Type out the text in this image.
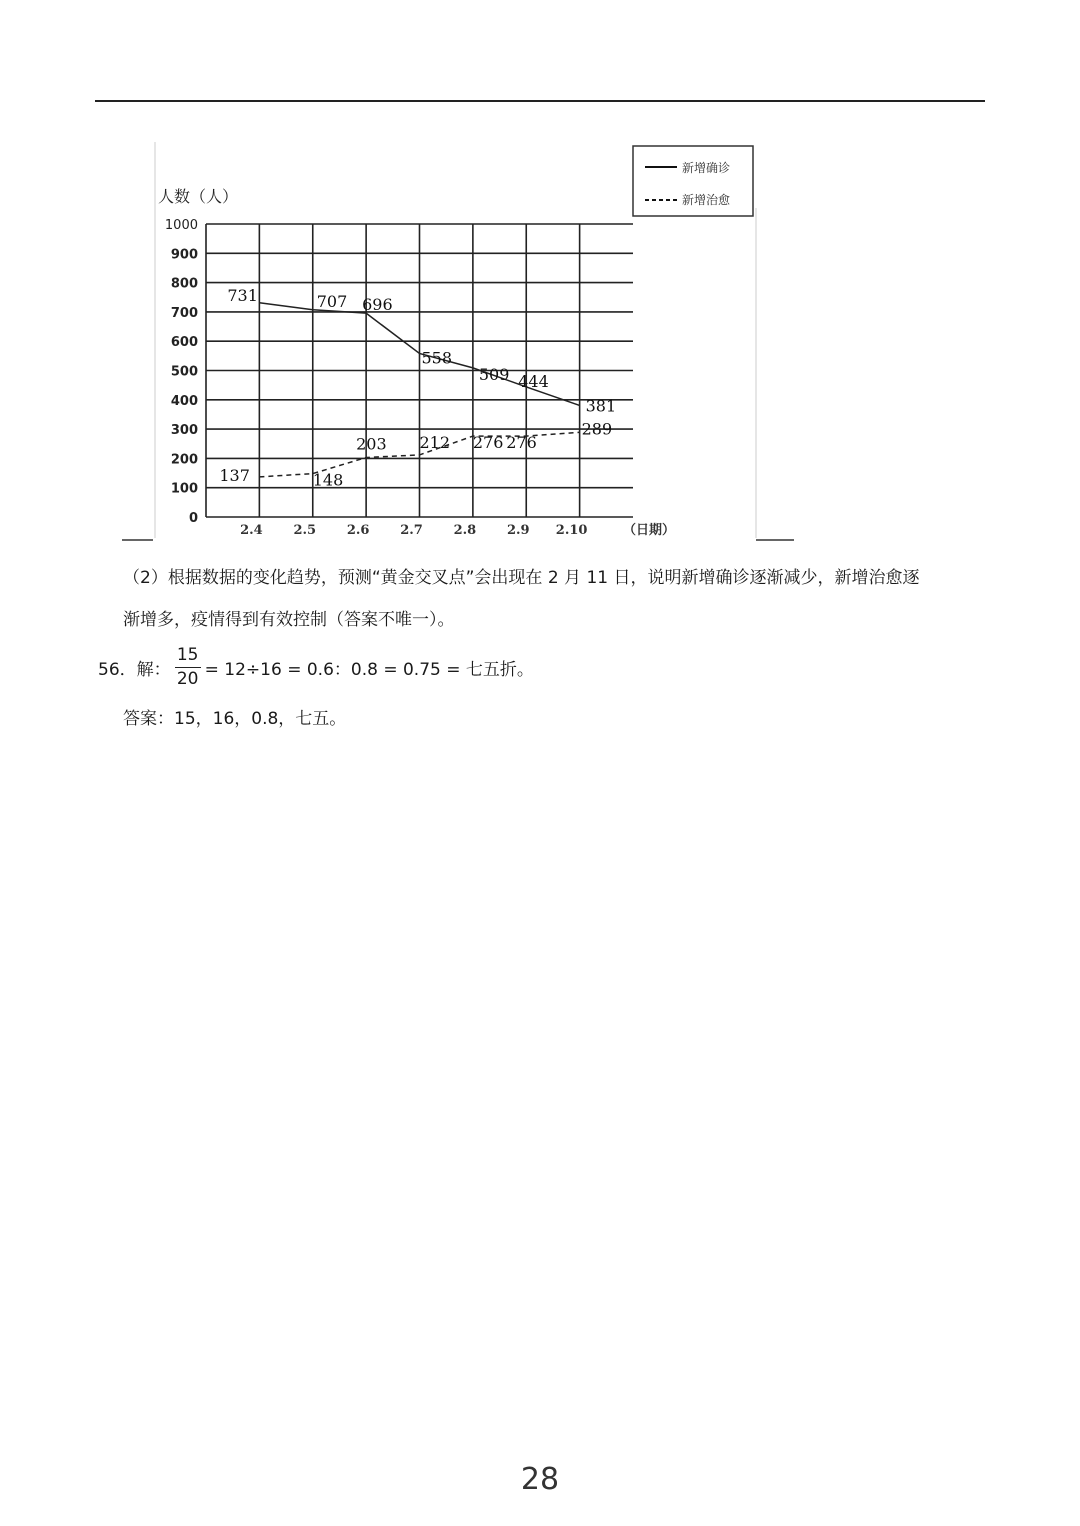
0
100
200
300
400
500
600
700
800
900
1000
人数（人）
2.4 2.5 2.6 2.7 2.8 2.9 2.10	（日期）
731	707 696
558
509 444
381
137	148
203 212 276 276
289
新增确诊
新增治愈
（2）根据数据的变化趋势，预测“黄金交叉点”会出现在 2 月 11 日，说明新增确诊逐渐减少，新增治愈逐
渐增多，疫情得到有效控制（答案不唯一）。
56．解： $\frac{15}{20} = 12\div 16 = 0.6$：0.8 = 0.75 = 七五折。
答案：15，16，0.8，七五。
28
